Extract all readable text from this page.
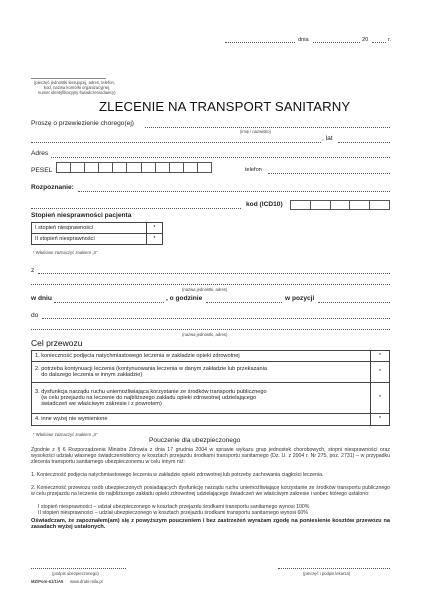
dnia	20	r.
(pieczęć jednostki kierującej, adres, telefon,
kod, nazwa komórki organizacyjnej,
numer identyfikacyjny świadczeniodawcy)
ZLECENIE NA TRANSPORT SANITARNY
Proszę o przewiezienie chorego(ej)
(imię i nazwisko)
, lat
Adres
PESEL	telefon
Rozpoznanie:
kod (ICD10)
Stopień niesprawności pacjenta
I stopień niesprawności	*
II stopień niesprawności	*
* Właściwe zaznaczyć znakiem „X”
z
(nazwa jednostki, adres)
w dniu	, o godzinie	w pozycji
do
(nazwa jednostki, adres)
Cel przewozu
1. konieczność podjęcia natychmiastowego leczenia w zakładzie opieki zdrowotnej	*

2. potrzeba kontynuacji leczenia (kontynuowania leczenia w danym zakładzie lub przekazania
do dalszego leczenia w innym zakładzie)	*

3. dysfunkcja narządu ruchu uniemożliwiająca korzystanie ze środków transportu publicznego
(w celu przejazdu na leczenie do najbliższego zakładu opieki zdrowotnej udzielającego
świadczeń we właściwym zakresie i z powrotem)	*

4. inne wyżej nie wymienione	*
* Właściwe zaznaczyć znakiem „X”
Pouczenie dla ubezpieczonego
Zgodnie z § 6 Rozporządzenia Ministra Zdrowia z dnia 17 grudnia 2004 w sprawie wykazu grup jednostek chorobowych, stopni niesprawności oraz wysokości udziału własnego świadczeniobiorcy w kosztach przejazdu środkami transportu sanitarnego (Dz. U. z 2004 r. Nr 275, poz. 2731) – w przypadku zlecenia transportu sanitarnego ubezpieczonemu w celu innym niż:
1. Konieczność podjęcia natychmiastowego leczenia w zakładzie opieki zdrowotnej lub potrzeby zachowania ciągłości leczenia.
2. Konieczność przewozu osób ubezpieczonych posiadających dysfunkcję narządu ruchu uniemożliwiające korzystanie ze środków transportu publicznego w celu przejazdu na leczenie do najbliższego zakładu opieki zdrowotnej udzielającego świadczeń we właściwym zakresie i wobec którego ustalono:
I stopień niesprawności – udział ubezpieczonego w kosztach przejazdu środkami transportu sanitarnego wynosi 100%
II stopień niesprawności – udział ubezpieczonego w kosztach przejazdu środkami transportu sanitarnego wynosi 60%
Oświadczam, że zapoznałem(am) się z powyższym pouczeniem i bez zastrzeżeń wyrażam zgodę na poniesienie kosztów przewozu na zasadach wyżej ustalonych.
(podpis ubezpieczonego)	(pieczęć i podpis lekarza)
MZ/Pom-61/1/A5 www.druki-mila.pl
